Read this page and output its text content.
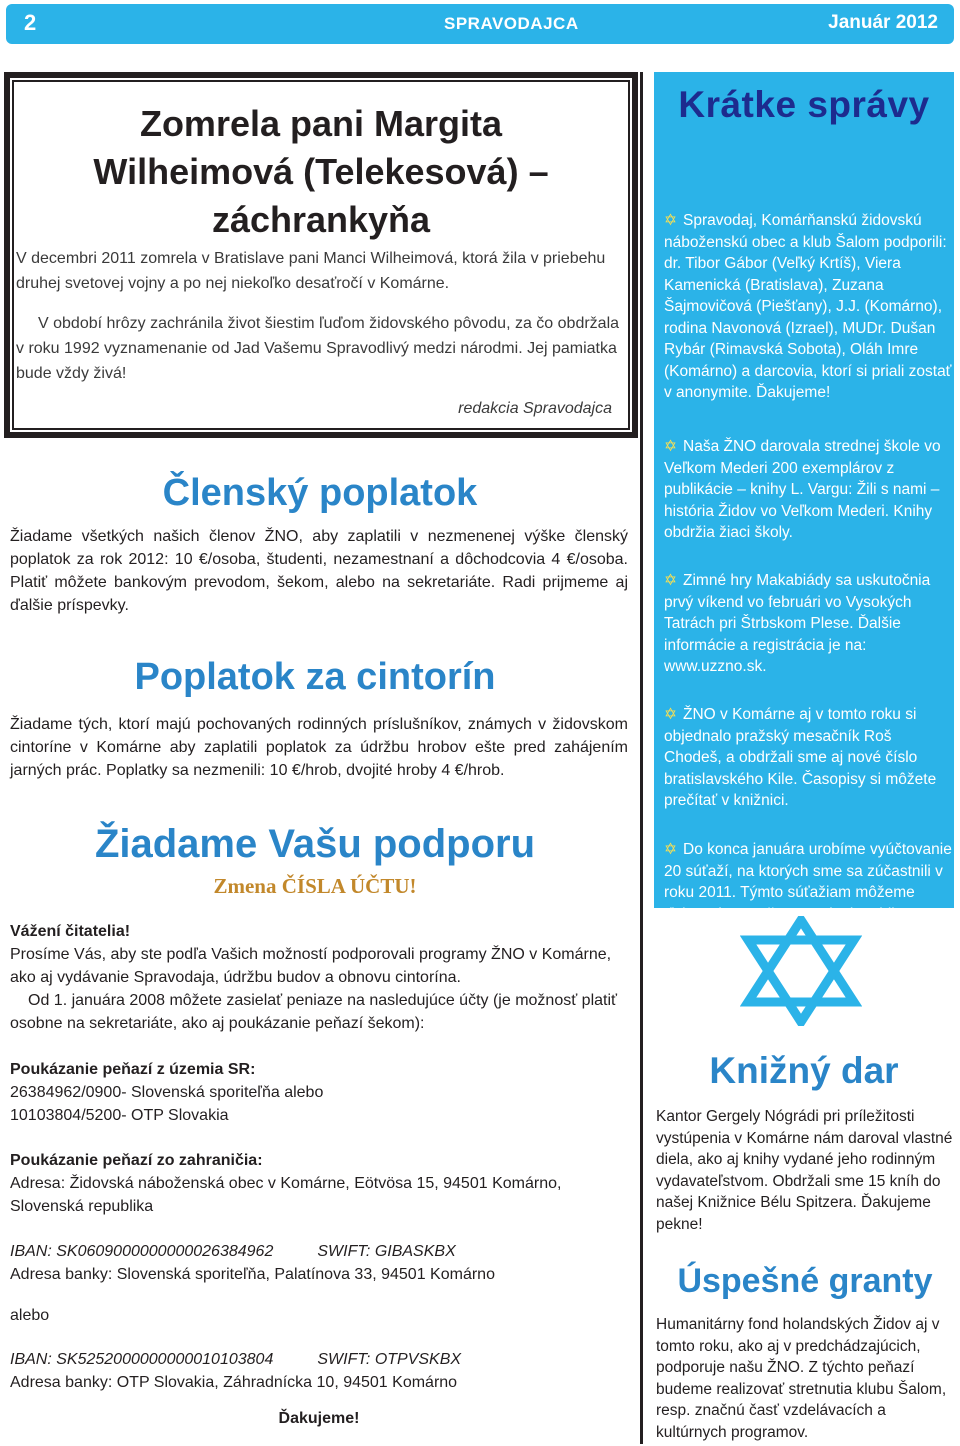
2	SPRAVODAJCA	Január 2012
Zomrela pani Margita
Wilheimová (Telekesová) –
záchrankyňa

V decembri 2011 zomrela v Bratislave pani Manci Wilheimová, ktorá žila v priebehu druhej svetovej vojny a po nej niekoľko desaťročí v Komárne.

V období hrôzy zachránila život šiestim ľuďom židovského pôvodu, za čo obdržala v roku 1992 vyznamenanie od Jad Vašemu Spravodlivý medzi národmi. Jej pamiatka bude vždy živá!

redakcia Spravodajca
Členský poplatok

Žiadame všetkých našich členov ŽNO, aby zaplatili v nezmenenej výške členský poplatok za rok 2012: 10 €/osoba, študenti, nezamestnaní a dôchodcovia 4 €/osoba. Platiť môžete bankovým prevodom, šekom, alebo na sekretariáte. Radi prijmeme aj ďalšie príspevky.

Poplatok za cintorín

Žiadame tých, ktorí majú pochovaných rodinných príslušníkov, známych v židovskom cintoríne v Komárne aby zaplatili poplatok za údržbu hrobov ešte pred zahájením jarných prác. Poplatky sa nezmenili: 10 €/hrob, dvojité hroby 4 €/hrob.

Žiadame Vašu podporu
Zmena ČÍSLA ÚČTU!
Vážení čitatelia!
Prosíme Vás, aby ste podľa Vašich možností podporovali programy ŽNO v Komárne, ako aj vydávanie Spravodaja, údržbu budov a obnovu cintorína.
Od 1. januára 2008 môžete zasielať peniaze na nasledujúce účty (je možnosť platiť osobne na sekretariáte, ako aj poukázanie peňazí šekom):
Poukázanie peňazí z územia SR:
26384962/0900- Slovenská sporiteľňa alebo
10103804/5200- OTP Slovakia
Poukázanie peňazí zo zahraničia:
Adresa: Židovská náboženská obec v Komárne, Eötvösa 15, 94501 Komárno, Slovenská republika
IBAN: SK0609000000000026384962	SWIFT: GIBASKBX
Adresa banky: Slovenská sporiteľňa, Palatínova 33, 94501 Komárno
alebo
IBAN: SK5252000000000010103804	SWIFT: OTPVSKBX
Adresa banky: OTP Slovakia, Záhradnícka 10, 94501 Komárno
Ďakujeme!
Krátke správy
✡ Spravodaj, Komárňanskú židovskú náboženskú obec a klub Šalom podporili: dr. Tibor Gábor (Veľký Krtíš), Viera Kamenická (Bratislava), Zuzana Šajmovičová (Piešťany), J.J. (Komárno), rodina Navonová (Izrael), MUDr. Dušan Rybár (Rimavská Sobota), Oláh Imre (Komárno) a darcovia, ktorí si priali zostať v anonymite. Ďakujeme!
✡ Naša ŽNO darovala strednej škole vo Veľkom Mederi 200 exemplárov z publikácie – knihy L. Vargu: Žili s nami – história Židov vo Veľkom Mederi. Knihy obdržia žiaci školy.
✡ Zimné hry Makabiády sa uskutočnia prvý víkend vo februári vo Vysokých Tatrách pri Štrbskom Plese. Ďalšie informácie a registrácia je na: www.uzzno.sk.
✡ ŽNO v Komárne aj v tomto roku si objednalo pražský mesačník Roš Chodeš, a obdržali sme aj nové číslo bratislavského Kile. Časopisy si môžete prečítať v knižnici.
✡ Do konca januára urobíme vyúčtovanie 20 súťaží, na ktorých sme sa zúčastnili v roku 2011. Týmto súťažiam môžeme ďakovať za to, že sme vlani mohli usporiadať programy na vysokej úrovni
Knižný dar

Kantor Gergely Nógrádi pri príležitosti vystúpenia v Komárne nám daroval vlastné diela, ako aj knihy vydané jeho rodinným vydavateľstvom. Obdržali sme 15 kníh do našej Knižnice Bélu Spitzera. Ďakujeme pekne!

Úspešné granty

Humanitárny fond holandských Židov aj v tomto roku, ako aj v predchádzajúcich, podporuje našu ŽNO. Z týchto peňazí budeme realizovať stretnutia klubu Šalom, resp. značnú časť vzdelávacích a kultúrnych programov.
